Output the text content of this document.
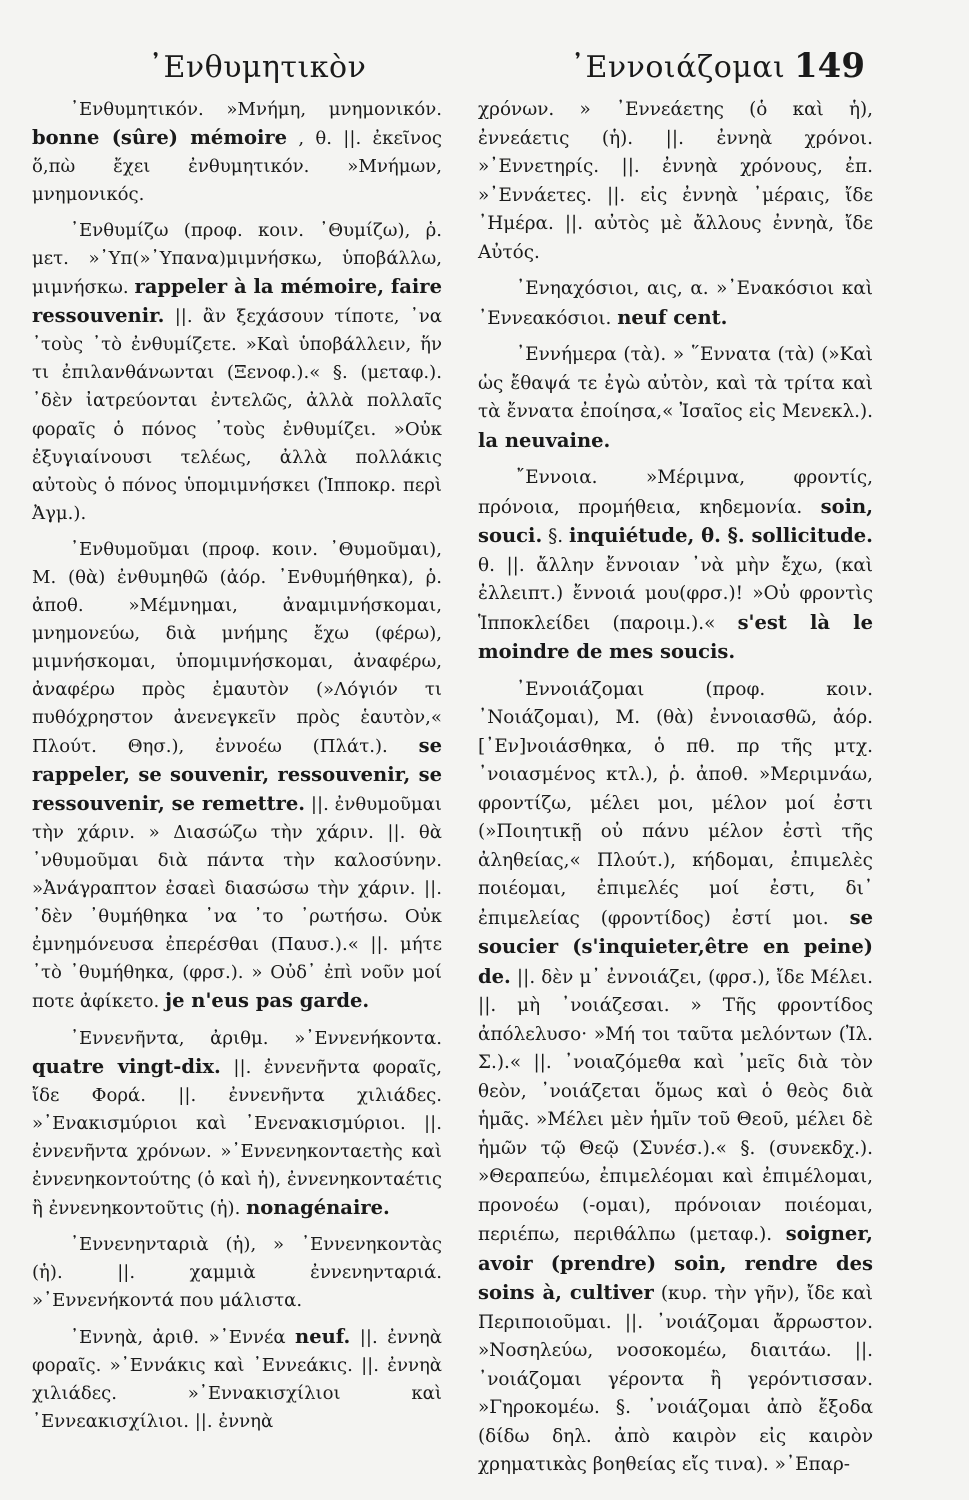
᾿Ενθυμητικὸν	᾿Εννοιάζομαι 149

᾿Ενθυμητικόν. »Μνήμη, μνημονικόν. bonne (sûre) mémoire , θ. ||. ἐκεῖνος ὅ,πὼ ἔχει ἐνθυμητικόν. »Μνήμων, μνημονικός.

᾿Ενθυμίζω (προφ. κοιν. ᾿Θυμίζω), ῥ. μετ. »᾿Υπ(»᾿Υπανα)μιμνήσκω, ὑποβάλλω, μιμνήσκω. rappeler à la mémoire, faire ressouvenir. ||. ἂν ξεχάσουν τίποτε, ᾽να ᾽τοὺς ᾽τὸ ἐνθυμίζετε. »Καὶ ὑποβάλλειν, ἥν τι ἐπιλανθάνωνται (Ξενοφ.).« §. (μεταφ.). ᾽δὲν ἰατρεύονται ἐντελῶς, ἀλλὰ πολλαῖς φοραῖς ὁ πόνος ᾽τοὺς ἐνθυμίζει. »Οὐκ ἐξυγιαίνουσι τελέως, ἀλλὰ πολλάκις αὐτοὺς ὁ πόνος ὑπομιμνήσκει (Ἱπποκρ. περὶ Ἀγμ.).

᾿Ενθυμοῦμαι (προφ. κοιν. ᾿Θυμοῦμαι), Μ. (θὰ) ἐνθυμηθῶ (ἀόρ. ᾿Ενθυμήθηκα), ῥ. ἀποθ. »Μέμνημαι, ἀναμιμνήσκομαι, μνημονεύω, διὰ μνήμης ἔχω (φέρω), μιμνήσκομαι, ὑπομιμνήσκομαι, ἀναφέρω, ἀναφέρω πρὸς ἐμαυτὸν (»Λόγιόν τι πυθόχρηστον ἀνενεγκεῖν πρὸς ἑαυτὸν,« Πλούτ. Θησ.), ἐννοέω (Πλάτ.). se rappeler, se souvenir, ressouvenir, se ressouvenir, se remettre. ||. ἐνθυμοῦμαι τὴν χάριν. » Διασώζω τὴν χάριν. ||. θὰ ᾽νθυμοῦμαι διὰ πάντα τὴν καλοσύνην. »Ἀνάγραπτον ἐσαεὶ διασώσω τὴν χάριν. ||. ᾽δὲν ᾽θυμήθηκα ᾽να ᾽το ᾽ρωτήσω. Οὐκ ἐμνημόνευσα ἐπερέσθαι (Παυσ.).« ||. μήτε ᾽τὸ ᾽θυμήθηκα, (φρσ.). » Οὐδ᾽ ἐπὶ νοῦν μοί ποτε ἀφίκετο. je n'eus pas garde.

᾿Εννενῆντα, ἀριθμ. »᾿Εννενήκοντα. quatre vingt-dix. ||. ἐννενῆντα φοραῖς, ἴδε Φορά. ||. ἐννενῆντα χιλιάδες. »᾿Ενακισμύριοι καὶ ᾿Ενενακισμύριοι. ||. ἐννενῆντα χρόνων. »᾿Εννενηκονταετὴς καὶ ἐννενηκοντούτης (ὁ καὶ ἡ), ἐννενηκονταέτις ἢ ἐννενηκοντοῦτις (ἡ). nonagénaire.

᾿Εννενηνταριὰ (ἡ), » ᾿Εννενηκοντὰς (ἡ). ||. χαμμιὰ ἐννενηνταριά. »᾿Εννενήκοντά που μάλιστα.

᾿Εννηὰ, ἀριθ. »᾿Εννέα neuf. ||. ἐννηὰ φοραῖς. »᾿Εννάκις καὶ ᾿Εννεάκις. ||. ἐννηὰ χιλιάδες. »᾿Εννακισχίλιοι καὶ ᾿Εννεακισχίλιοι. ||. ἐννηὰ

χρόνων. » ᾿Εννεάετης (ὁ καὶ ἡ), ἐννεάετις (ἡ). ||. ἐννηὰ χρόνοι. »᾿Εννετηρίς. ||. ἐννηὰ χρόνους, ἐπ. »᾿Εννάετες. ||. εἰς ἐννηὰ ᾽μέραις, ἴδε ᾿Ημέρα. ||. αὐτὸς μὲ ἄλλους ἐννηὰ, ἴδε Αὐτός.

᾿Ενηαχόσιοι, αις, α. »᾿Ενακόσιοι καὶ ᾿Εννεακόσιοι. neuf cent.

᾿Εννήμερα (τὰ). » ῞Εννατα (τὰ) (»Καὶ ὡς ἔθαψά τε ἐγὼ αὐτὸν, καὶ τὰ τρίτα καὶ τὰ ἔννατα ἐποίησα,« Ἰσαῖος εἰς Μενεκλ.). la neuvaine.

῎Εννοια. »Μέριμνα, φροντίς, πρόνοια, προμήθεια, κηδεμονία. soin, souci. §. inquiétude, θ. §. sollicitude. θ. ||. ἄλλην ἔννοιαν ᾽νὰ μὴν ἔχω, (καὶ ἐλλειπτ.) ἔννοιά μου(φρσ.)! »Οὐ φροντὶς Ἱπποκλείδει (παροιμ.).« s'est là le moindre de mes soucis.

᾿Εννοιάζομαι (προφ. κοιν. ᾿Νοιάζομαι), Μ. (θὰ) ἐννοιασθῶ, ἀόρ. [᾿Εν]νοιάσθηκα, ὁ πθ. πρ τῆς μτχ. ᾽νοιασμένος κτλ.), ῥ. ἀποθ. »Μεριμνάω, φροντίζω, μέλει μοι, μέλον μοί ἐστι (»Ποιητικῇ οὐ πάνυ μέλον ἐστὶ τῆς ἀληθείας,« Πλούτ.), κήδομαι, ἐπιμελὲς ποιέομαι, ἐπιμελές μοί ἐστι, δι᾽ ἐπιμελείας (φροντίδος) ἐστί μοι. se soucier (s'inquieter,être en peine) de. ||. δὲν μ᾽ ἐννοιάζει, (φρσ.), ἴδε Μέλει. ||. μὴ ᾽νοιάζεσαι. » Τῆς φροντίδος ἀπόλελυσο· »Μή τοι ταῦτα μελόντων (Ἰλ. Σ.).« ||. ᾽νοιαζόμεθα καὶ ᾽μεῖς διὰ τὸν θεὸν, ᾽νοιάζεται ὅμως καὶ ὁ θεὸς διὰ ἡμᾶς. »Μέλει μὲν ἡμῖν τοῦ Θεοῦ, μέλει δὲ ἡμῶν τῷ Θεῷ (Συνέσ.).« §. (συνεκδχ.). »Θεραπεύω, ἐπιμελέομαι καὶ ἐπιμέλομαι, προνοέω (-ομαι), πρόνοιαν ποιέομαι, περιέπω, περιθάλπω (μεταφ.). soigner, avoir (prendre) soin, rendre des soins à, cultiver (κυρ. τὴν γῆν), ἴδε καὶ Περιποιοῦμαι. ||. ᾽νοιάζομαι ἄρρωστον. »Νοσηλεύω, νοσοκομέω, διαιτάω. ||. ᾽νοιάζομαι γέροντα ἢ γερόντισσαν. »Γηροκομέω. §. ᾽νοιάζομαι ἀπὸ ἔξοδα (δίδω δηλ. ἀπὸ καιρὸν εἰς καιρὸν χρηματικὰς βοηθείας εἴς τινα). »᾿Επαρ-
